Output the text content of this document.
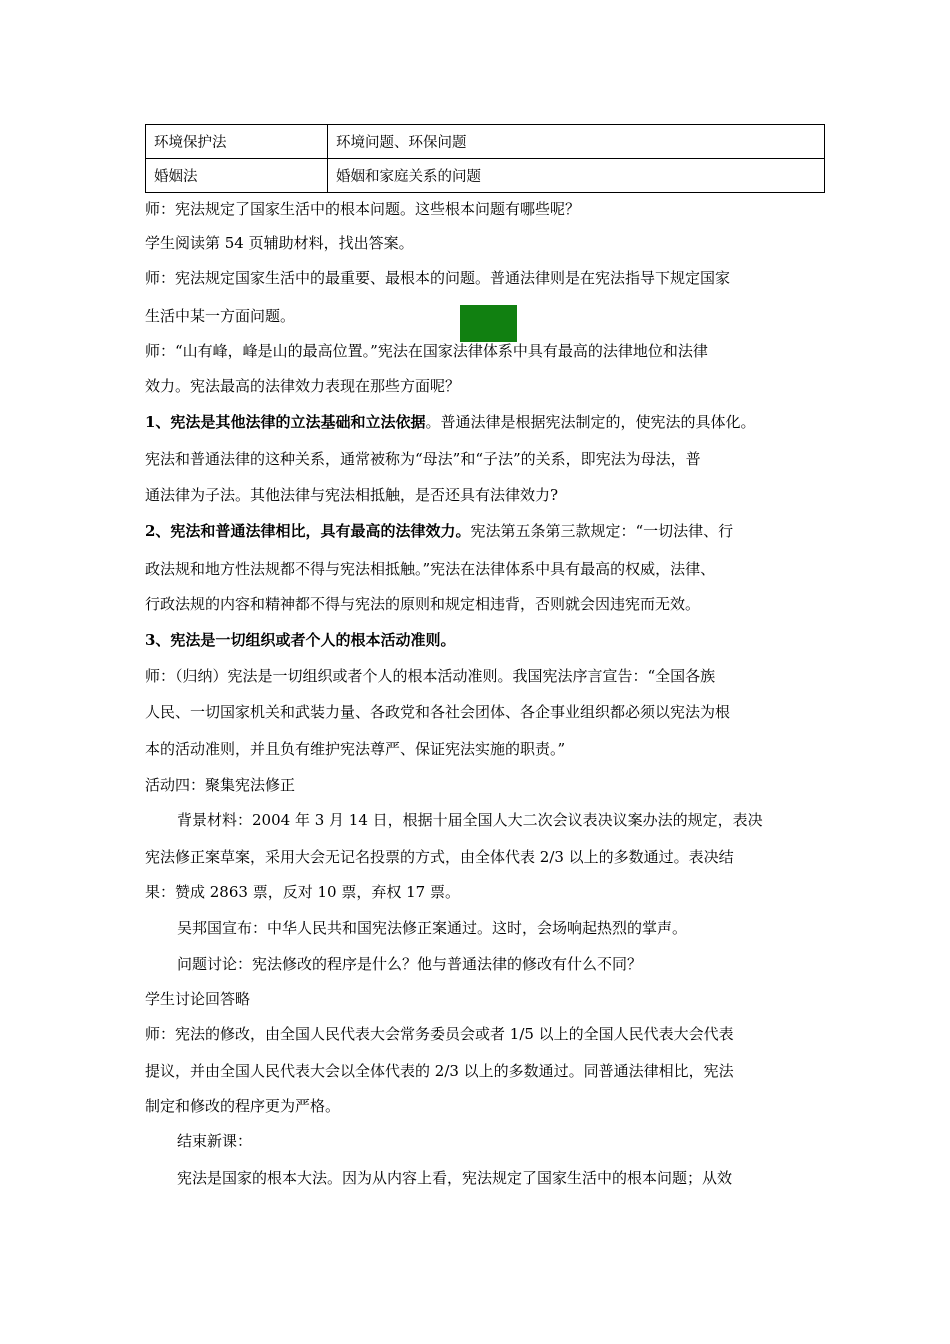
环境保护法	环境问题、环保问题
婚姻法	婚姻和家庭关系的问题
师：宪法规定了国家生活中的根本问题。这些根本问题有哪些呢？
学生阅读第 54 页辅助材料，找出答案。
师：宪法规定国家生活中的最重要、最根本的问题。普通法律则是在宪法指导下规定国家
生活中某一方面问题。
师：“山有峰，峰是山的最高位置。”宪法在国家法律体系中具有最高的法律地位和法律
效力。宪法最高的法律效力表现在那些方面呢？
1、宪法是其他法律的立法基础和立法依据。普通法律是根据宪法制定的，使宪法的具体化。
宪法和普通法律的这种关系，通常被称为“母法”和“子法”的关系，即宪法为母法，普
通法律为子法。其他法律与宪法相抵触，是否还具有法律效力?
2、宪法和普通法律相比，具有最高的法律效力。宪法第五条第三款规定：“一切法律、行
政法规和地方性法规都不得与宪法相抵触。”宪法在法律体系中具有最高的权威，法律、
行政法规的内容和精神都不得与宪法的原则和规定相违背，否则就会因违宪而无效。
3、宪法是一切组织或者个人的根本活动准则。
师：（归纳）宪法是一切组织或者个人的根本活动准则。我国宪法序言宣告：“全国各族
人民、一切国家机关和武装力量、各政党和各社会团体、各企事业组织都必须以宪法为根
本的活动准则，并且负有维护宪法尊严、保证宪法实施的职责。”
活动四：聚集宪法修正
背景材料：2004 年 3 月 14 日，根据十届全国人大二次会议表决议案办法的规定，表决
宪法修正案草案，采用大会无记名投票的方式，由全体代表 2/3 以上的多数通过。表决结
果：赞成 2863 票，反对 10 票，弃权 17 票。
吴邦国宣布：中华人民共和国宪法修正案通过。这时，会场响起热烈的掌声。
问题讨论：宪法修改的程序是什么？他与普通法律的修改有什么不同？
学生讨论回答略
师：宪法的修改，由全国人民代表大会常务委员会或者 1/5 以上的全国人民代表大会代表
提议，并由全国人民代表大会以全体代表的 2/3 以上的多数通过。同普通法律相比，宪法
制定和修改的程序更为严格。
结束新课：
宪法是国家的根本大法。因为从内容上看，宪法规定了国家生活中的根本问题；从效
